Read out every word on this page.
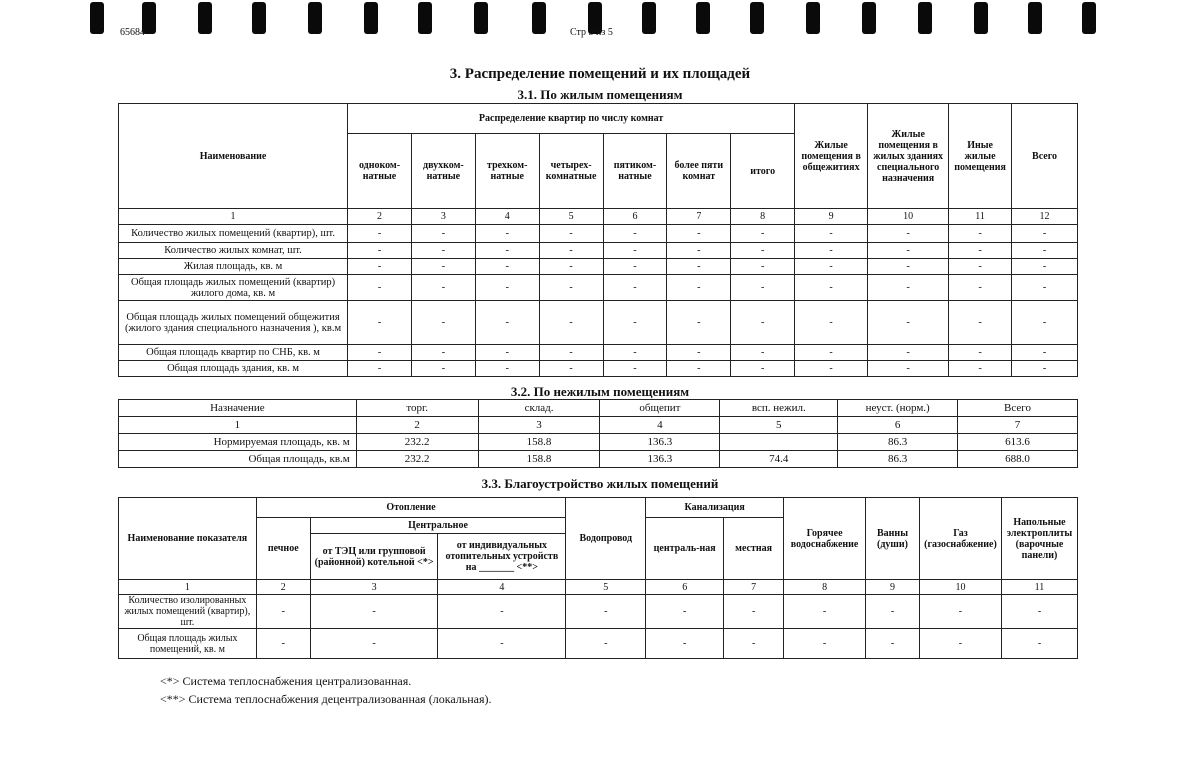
65684	Стр 3 из 5
3. Распределение помещений и их площадей
3.1. По жилым помещениям
Наименование	Распределение квартир по числу комнат							Жилые помещения в общежитиях	Жилые помещения в жилых зданиях специального назначения	Иные жилые помещения	Всего
	одноком-натные	двухком-натные	трехком-натные	четырех-комнатные	пятиком-натные	более пяти комнат	итого				
1	2	3	4	5	6	7	8	9	10	11	12
Количество жилых помещений (квартир), шт.	-	-	-	-	-	-	-	-	-	-	-
Количество жилых комнат, шт.	-	-	-	-	-	-	-	-	-	-	-
Жилая площадь, кв. м	-	-	-	-	-	-	-	-	-	-	-
Общая площадь жилых помещений (квартир) жилого дома, кв. м	-	-	-	-	-	-	-	-	-	-	-
Общая площадь жилых помещений общежития (жилого здания специального назначения ), кв.м	-	-	-	-	-	-	-	-	-	-	-
Общая площадь квартир по СНБ, кв. м	-	-	-	-	-	-	-	-	-	-	-
Общая площадь здания, кв. м	-	-	-	-	-	-	-	-	-	-	-
3.2. По нежилым помещениям
Назначение	торг.	склад.	общепит	всп. нежил.	неуст. (норм.)	Всего
1	2	3	4	5	6	7
Нормируемая площадь, кв. м	232.2	158.8	136.3		86.3	613.6
Общая площадь, кв.м	232.2	158.8	136.3	74.4	86.3	688.0
3.3. Благоустройство жилых помещений
Наименование показателя	Отопление			Водопровод	Канализация		Горячее водоснабжение	Ванны (души)	Газ (газоснабжение)	Напольные электроплиты (варочные панели)
	печное	Центральное			централь-ная	местная				
		от ТЭЦ или групповой (районной) котельной <*>	от индивидуальных отопительных устройств на _______ <**>							
1	2	3	4	5	6	7	8	9	10	11
Количество изолированных жилых помещений (квартир), шт.	-	-	-	-	-	-	-	-	-	-
Общая площадь жилых помещений, кв. м	-	-	-	-	-	-	-	-	-	-
<*> Система теплоснабжения централизованная.
<**> Система теплоснабжения децентрализованная (локальная).
